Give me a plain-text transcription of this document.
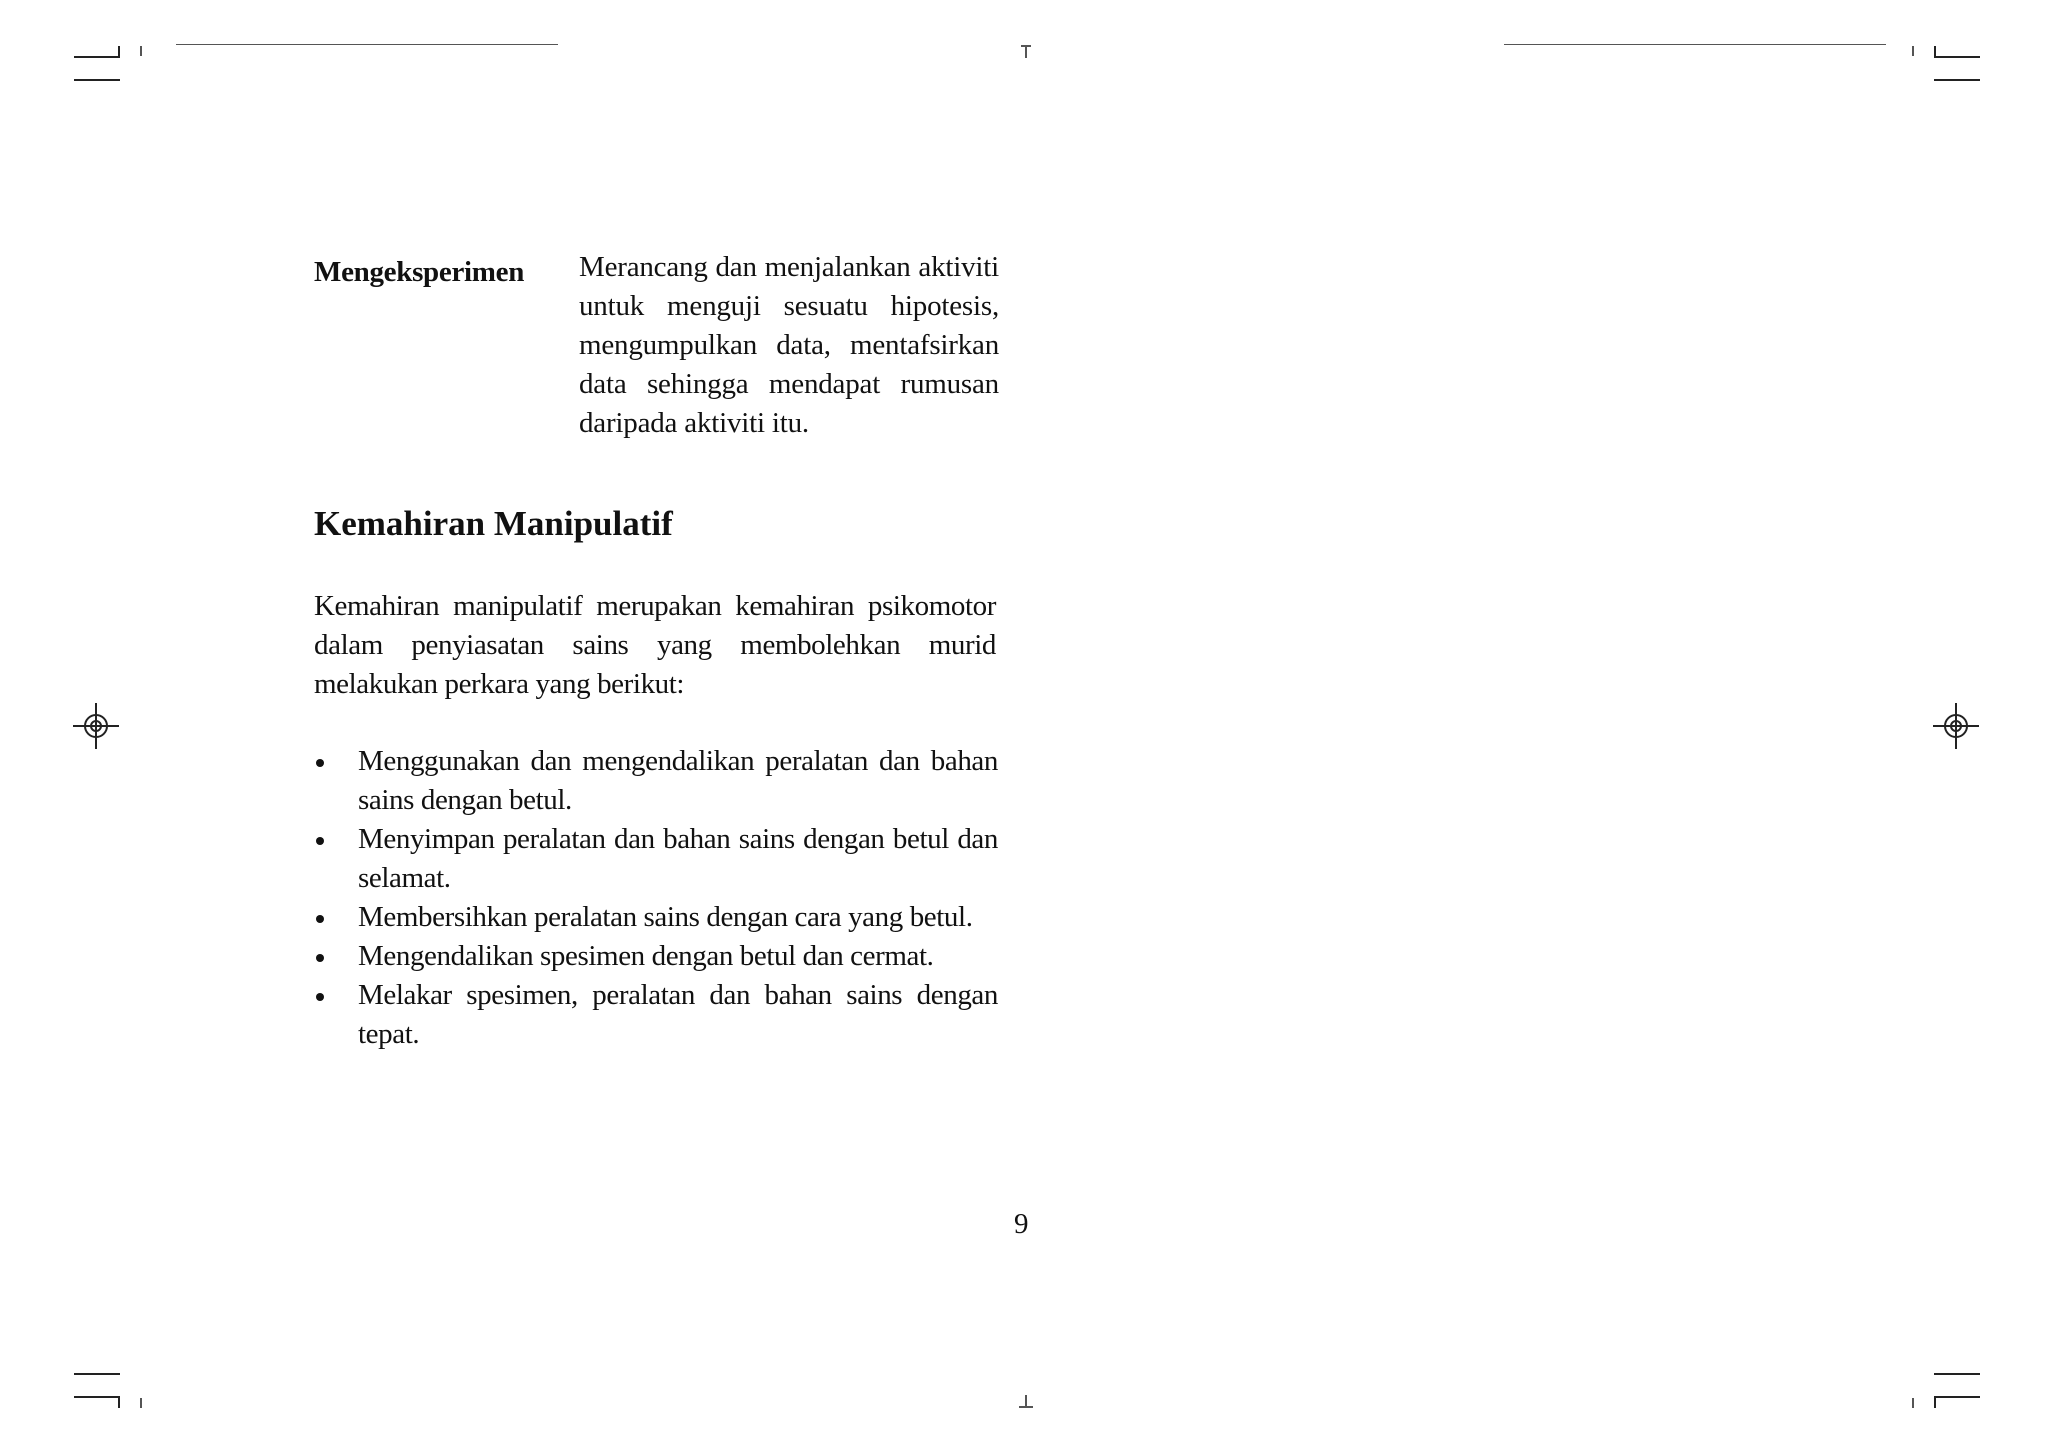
Mengeksperimen Merancang dan menjalankan aktiviti untuk menguji sesuatu hipotesis, mengumpulkan data, mentafsirkan data sehingga mendapat rumusan daripada aktiviti itu.
Kemahiran Manipulatif

Kemahiran manipulatif merupakan kemahiran psikomotor dalam penyiasatan sains yang membolehkan murid melakukan perkara yang berikut:

Menggunakan dan mengendalikan peralatan dan bahan sains dengan betul.
Menyimpan peralatan dan bahan sains dengan betul dan selamat.
Membersihkan peralatan sains dengan cara yang betul.
Mengendalikan spesimen dengan betul dan cermat.
Melakar spesimen, peralatan dan bahan sains dengan tepat.
9
